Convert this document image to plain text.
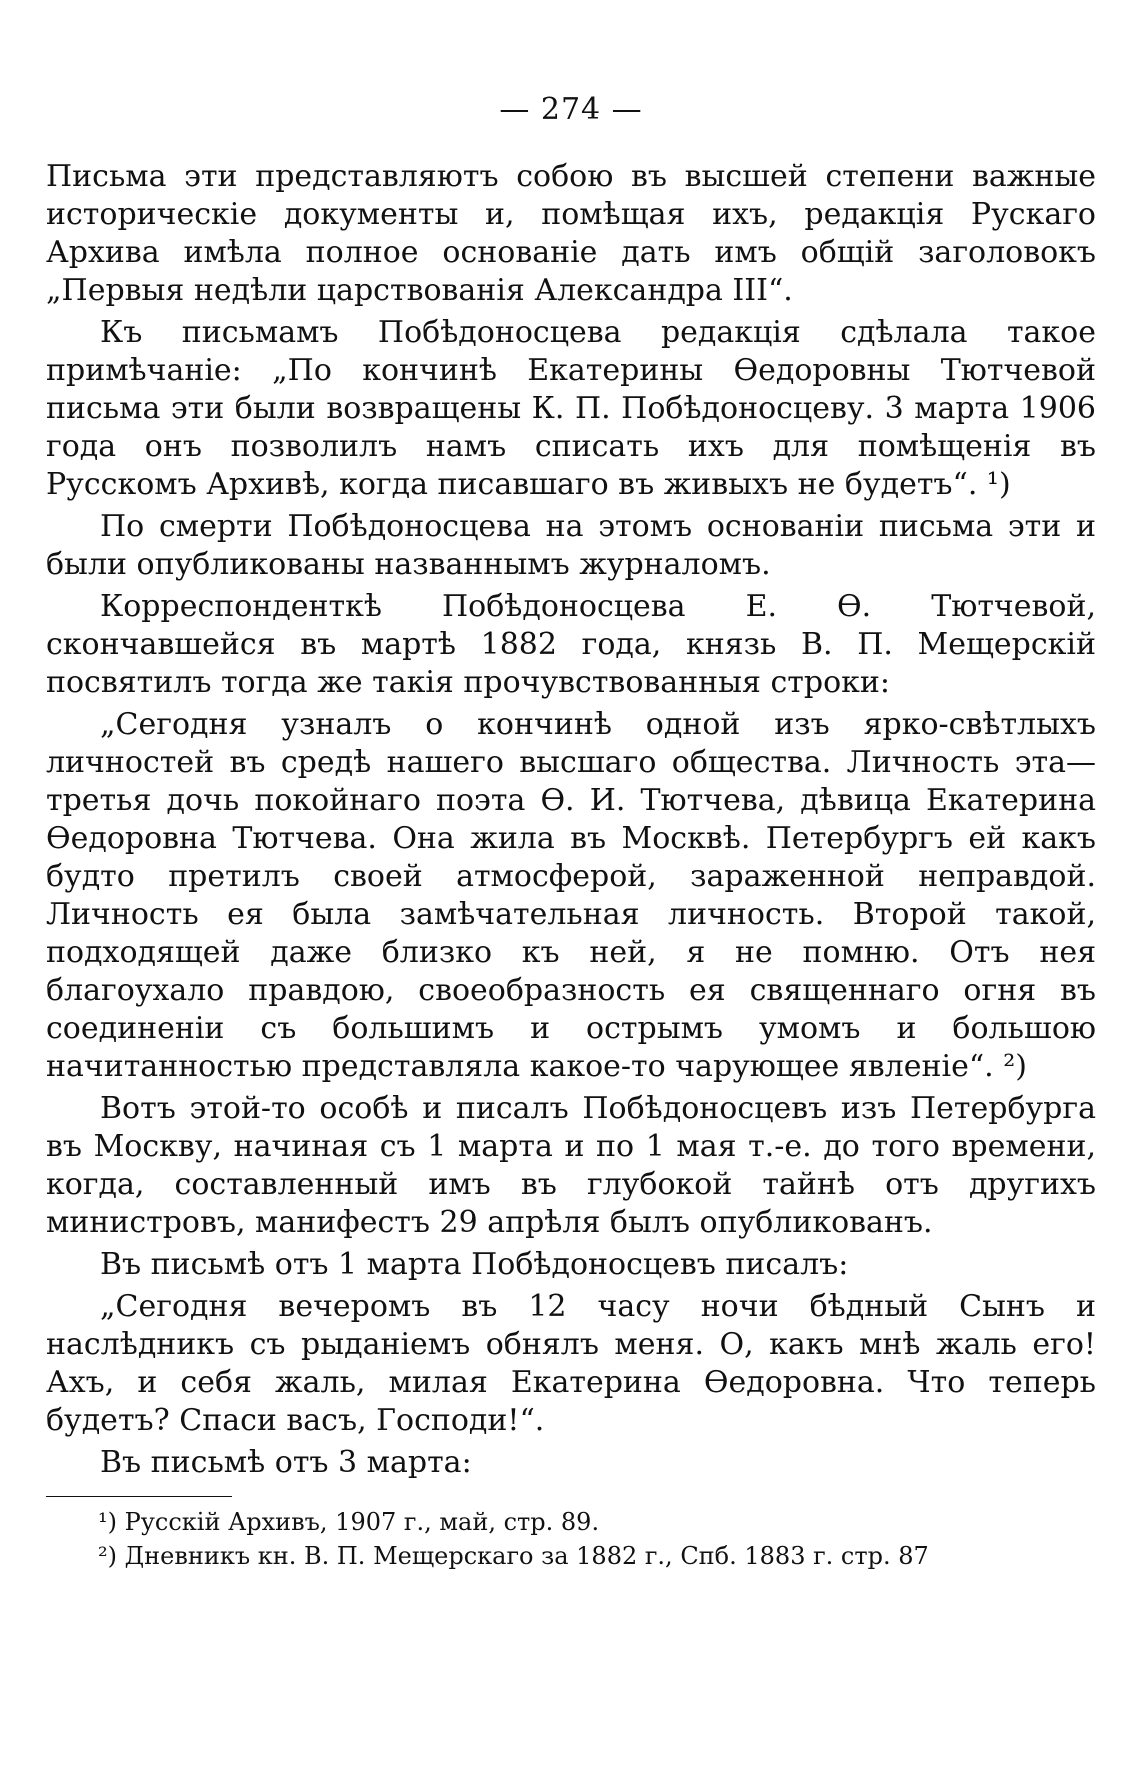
— 274 —

Письма эти представляютъ собою въ высшей степени важные историческіе документы и, помѣщая ихъ, редакція Рускаго Архива имѣла полное основаніе дать имъ общій заголовокъ „Первыя недѣли царствованія Александра III“.

Къ письмамъ Побѣдоносцева редакція сдѣлала такое примѣчаніе: „По кончинѣ Екатерины Ѳедоровны Тютчевой письма эти были возвращены К. П. Побѣдоносцеву. 3 марта 1906 года онъ позволилъ намъ списать ихъ для помѣщенія въ Русскомъ Архивѣ, когда писавшаго въ живыхъ не будетъ“. ¹)

По смерти Побѣдоносцева на этомъ основаніи письма эти и были опубликованы названнымъ журналомъ.

Корреспонденткѣ Побѣдоносцева Е. Ѳ. Тютчевой, скончавшейся въ мартѣ 1882 года, князь В. П. Мещерскій посвятилъ тогда же такія прочувствованныя строки:

„Сегодня узналъ о кончинѣ одной изъ ярко-свѣтлыхъ личностей въ средѣ нашего высшаго общества. Личность эта—третья дочь покойнаго поэта Ѳ. И. Тютчева, дѣвица Екатерина Ѳедоровна Тютчева. Она жила въ Москвѣ. Петербургъ ей какъ будто претилъ своей атмосферой, зараженной неправдой. Личность ея была замѣчательная личность. Второй такой, подходящей даже близко къ ней, я не помню. Отъ нея благоухало правдою, своеобразность ея священнаго огня въ соединеніи съ большимъ и острымъ умомъ и большою начитанностью представляла какое-то чарующее явленіе“. ²)

Вотъ этой-то особѣ и писалъ Побѣдоносцевъ изъ Петербурга въ Москву, начиная съ 1 марта и по 1 мая т.-е. до того времени, когда, составленный имъ въ глубокой тайнѣ отъ другихъ министровъ, манифестъ 29 апрѣля былъ опубликованъ.

Въ письмѣ отъ 1 марта Побѣдоносцевъ писалъ:

„Сегодня вечеромъ въ 12 часу ночи бѣдный Сынъ и наслѣдникъ съ рыданіемъ обнялъ меня. О, какъ мнѣ жаль его! Ахъ, и себя жаль, милая Екатерина Ѳедоровна. Что теперь будетъ? Спаси васъ, Господи!“.

Въ письмѣ отъ 3 марта:

¹) Русскій Архивъ, 1907 г., май, стр. 89.

²) Дневникъ кн. В. П. Мещерскаго за 1882 г., Спб. 1883 г. стр. 87
